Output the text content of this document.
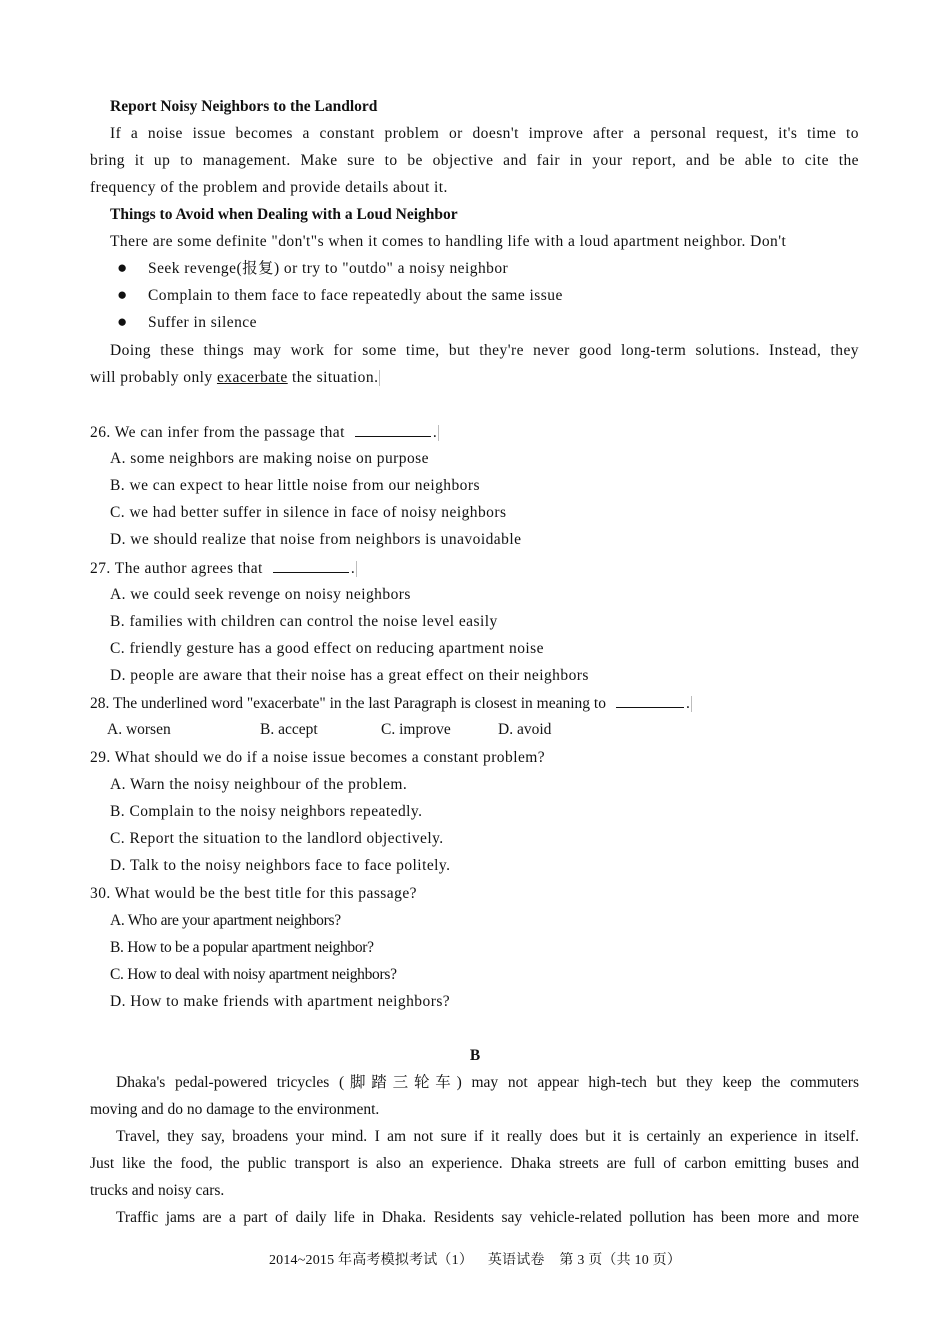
Report Noisy Neighbors to the Landlord
If a noise issue becomes a constant problem or doesn't improve after a personal request, it's time to
bring it up to management. Make sure to be objective and fair in your report, and be able to cite the
frequency of the problem and provide details about it.
Things to Avoid when Dealing with a Loud Neighbor
There are some definite "don't"s when it comes to handling life with a loud apartment neighbor. Don't
● Seek revenge(报复) or try to "outdo" a noisy neighbor
● Complain to them face to face repeatedly about the same issue
● Suffer in silence
Doing these things may work for some time, but they're never good long-term solutions. Instead, they
will probably only exacerbate the situation.
26. We can infer from the passage that	.
A. some neighbors are making noise on purpose
B. we can expect to hear little noise from our neighbors
C. we had better suffer in silence in face of noisy neighbors
D. we should realize that noise from neighbors is unavoidable
27. The author agrees that	.
A. we could seek revenge on noisy neighbors
B. families with children can control the noise level easily
C. friendly gesture has a good effect on reducing apartment noise
D. people are aware that their noise has a great effect on their neighbors
28. The underlined word "exacerbate" in the last Paragraph is closest in meaning to	.
A. worsen	B. accept	C. improve	D. avoid
29. What should we do if a noise issue becomes a constant problem?
A. Warn the noisy neighbour of the problem.
B. Complain to the noisy neighbors repeatedly.
C. Report the situation to the landlord objectively.
D. Talk to the noisy neighbors face to face politely.
30. What would be the best title for this passage?
A. Who are your apartment neighbors?
B. How to be a popular apartment neighbor?
C. How to deal with noisy apartment neighbors?
D. How to make friends with apartment neighbors?
B
Dhaka's pedal-powered tricycles (脚踏三轮车) may not appear high-tech but they keep the commuters
moving and do no damage to the environment.
Travel, they say, broadens your mind. I am not sure if it really does but it is certainly an experience in itself.
Just like the food, the public transport is also an experience. Dhaka streets are full of carbon emitting buses and
trucks and noisy cars.
Traffic jams are a part of daily life in Dhaka. Residents say vehicle-related pollution has been more and more
2014~2015 年高考模拟考试（1）    英语试卷    第 3 页（共 10 页）
